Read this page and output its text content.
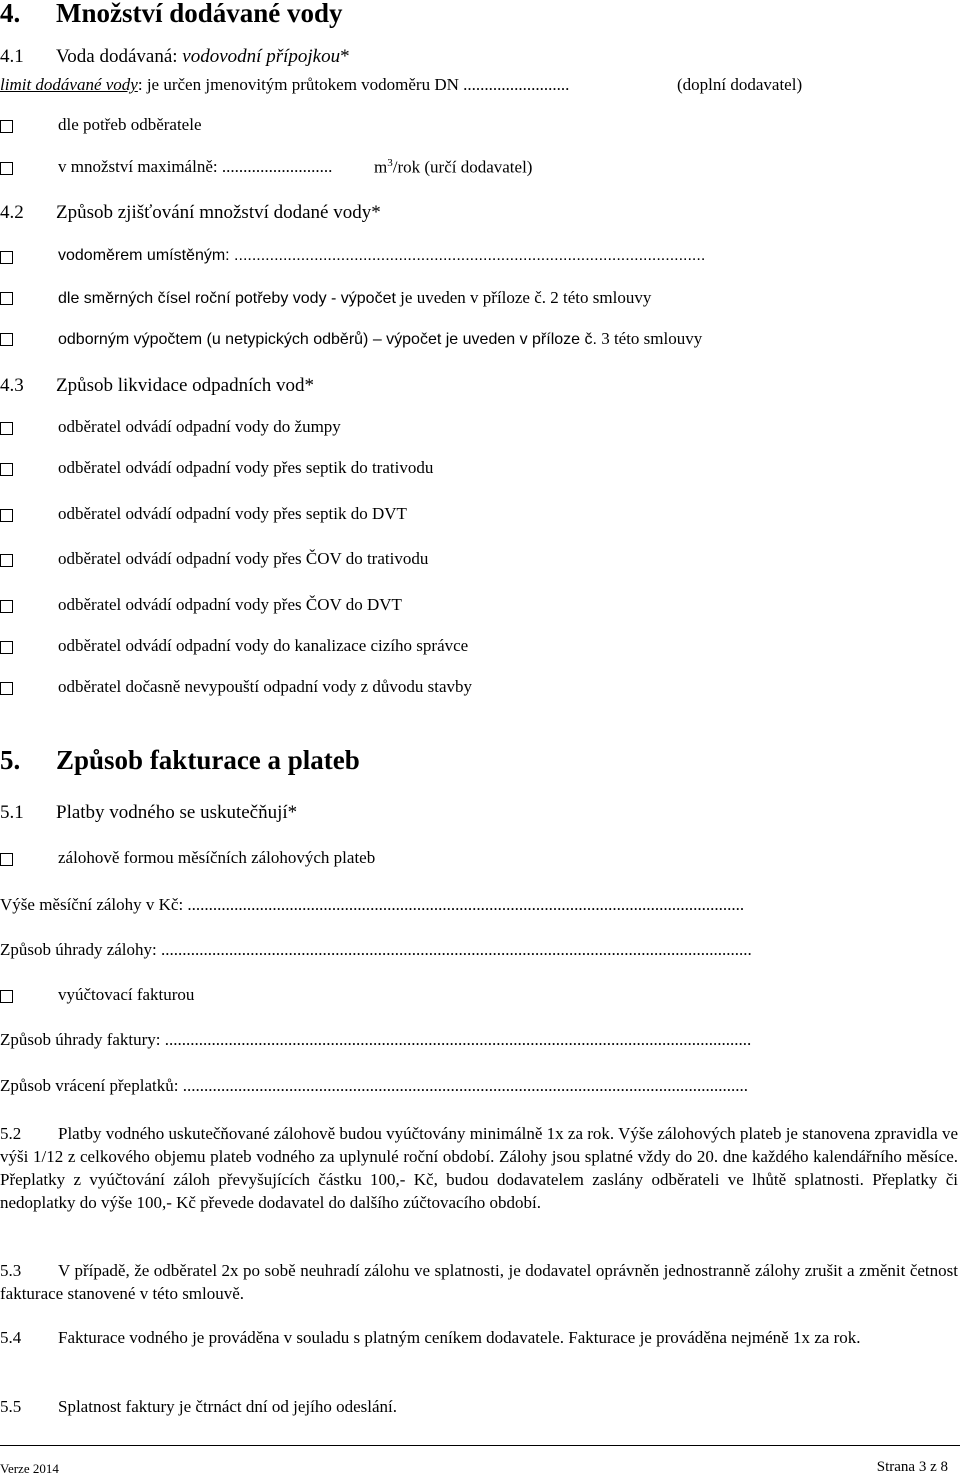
4. Množství dodávané vody
4.1 Voda dodávaná: vodovodní přípojkou*
limit dodávané vody: je určen jmenovitým průtokem vodoměru DN .........................	(doplní dodavatel)
dle potřeb odběratele
v množství maximálně: .......................... $m^3$/rok (určí dodavatel)
4.2 Způsob zjišťování množství dodané vody*
vodoměrem umístěným: ..........................................................................................................
dle směrných čísel roční potřeby vody - výpočet je uveden v příloze č. 2 této smlouvy
odborným výpočtem (u netypických odběrů) – výpočet je uveden v příloze č. 3 této smlouvy
4.3 Způsob likvidace odpadních vod*
odběratel odvádí odpadní vody do žumpy
odběratel odvádí odpadní vody přes septik do trativodu
odběratel odvádí odpadní vody přes septik do DVT
odběratel odvádí odpadní vody přes ČOV do trativodu
odběratel odvádí odpadní vody přes ČOV do DVT
odběratel odvádí odpadní vody do kanalizace cizího správce
odběratel dočasně nevypouští odpadní vody z důvodu stavby
5. Způsob fakturace a plateb
5.1 Platby vodného se uskutečňují*
zálohově formou měsíčních zálohových plateb
Výše měsíční zálohy v Kč: ...................................................................................................................................
Způsob úhrady zálohy: ...........................................................................................................................................
vyúčtovací fakturou
Způsob úhrady faktury: ..........................................................................................................................................
Způsob vrácení přeplatků: .....................................................................................................................................
5.2 Platby vodného uskutečňované zálohově budou vyúčtovány minimálně 1x za rok. Výše zálohových plateb je stanovena zpravidla ve výši 1/12 z celkového objemu plateb vodného za uplynulé roční období. Zálohy jsou splatné vždy do 20. dne každého kalendářního měsíce. Přeplatky z vyúčtování záloh převyšujících částku 100,- Kč, budou dodavatelem zaslány odběrateli ve lhůtě splatnosti. Přeplatky či nedoplatky do výše 100,- Kč převede dodavatel do dalšího zúčtovacího období.
5.3 V případě, že odběratel 2x po sobě neuhradí zálohu ve splatnosti, je dodavatel oprávněn jednostranně zálohy zrušit a změnit četnost fakturace stanovené v této smlouvě.
5.4 Fakturace vodného je prováděna v souladu s platným ceníkem dodavatele. Fakturace je prováděna nejméně 1x za rok.
5.5 Splatnost faktury je čtrnáct dní od jejího odeslání.
Verze 2014	Strana 3 z 8
